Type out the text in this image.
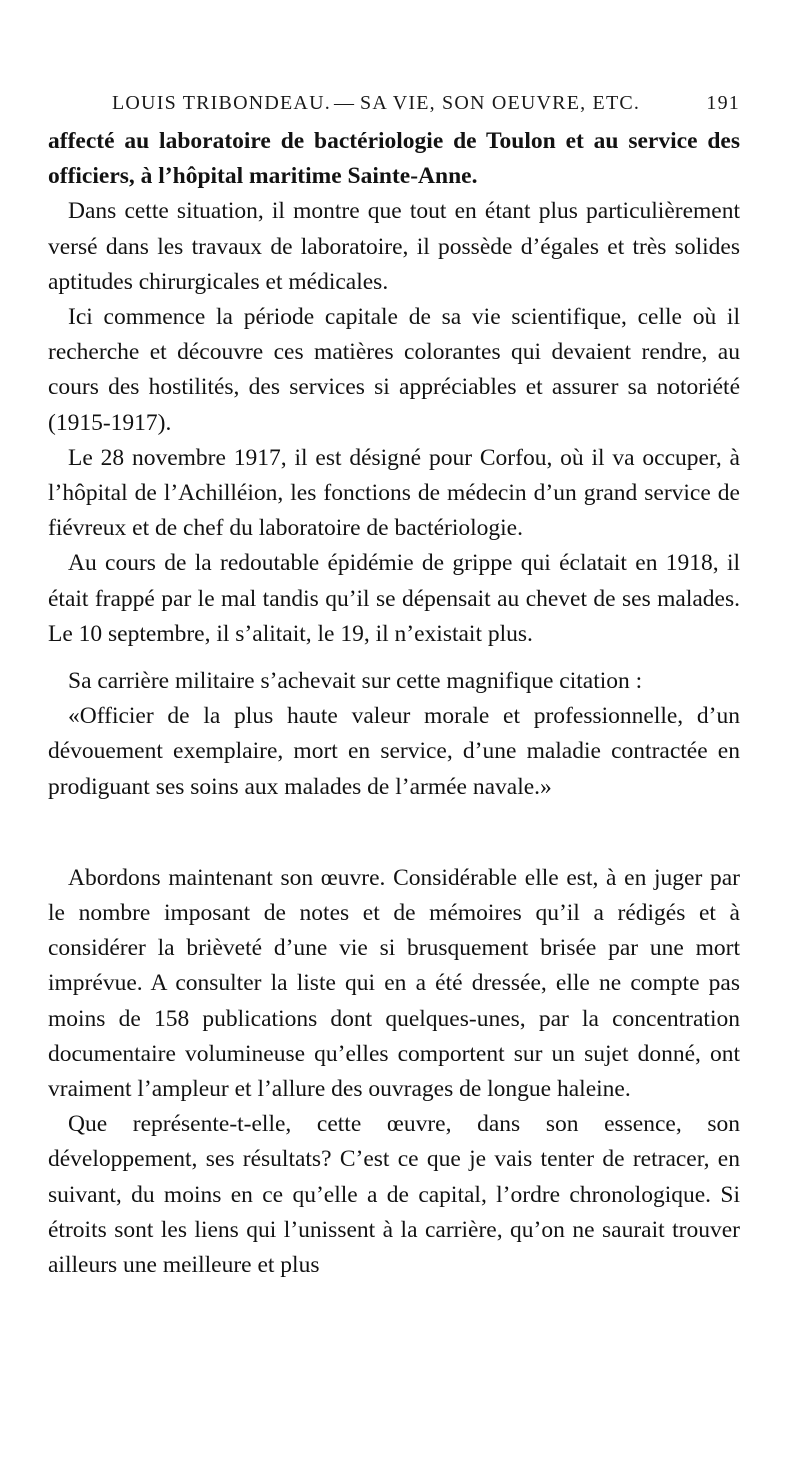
LOUIS TRIBONDEAU. — SA VIE, SON OEUVRE, ETC.	191

affecté au laboratoire de bactériologie de Toulon et au service des officiers, à l’hôpital maritime Sainte-Anne.

Dans cette situation, il montre que tout en étant plus particulièrement versé dans les travaux de laboratoire, il possède d’égales et très solides aptitudes chirurgicales et médicales.

Ici commence la période capitale de sa vie scientifique, celle où il recherche et découvre ces matières colorantes qui devaient rendre, au cours des hostilités, des services si appréciables et assurer sa notoriété (1915-1917).

Le 28 novembre 1917, il est désigné pour Corfou, où il va occuper, à l’hôpital de l’Achilléion, les fonctions de médecin d’un grand service de fiévreux et de chef du laboratoire de bactériologie.

Au cours de la redoutable épidémie de grippe qui éclatait en 1918, il était frappé par le mal tandis qu’il se dépensait au chevet de ses malades. Le 10 septembre, il s’alitait, le 19, il n’existait plus.

Sa carrière militaire s’achevait sur cette magnifique citation :

«Officier de la plus haute valeur morale et professionnelle, d’un dévouement exemplaire, mort en service, d’une maladie contractée en prodiguant ses soins aux malades de l’armée navale.»

Abordons maintenant son œuvre. Considérable elle est, à en juger par le nombre imposant de notes et de mémoires qu’il a rédigés et à considérer la brièveté d’une vie si brusquement brisée par une mort imprévue. A consulter la liste qui en a été dressée, elle ne compte pas moins de 158 publications dont quelques-unes, par la concentration documentaire volumineuse qu’elles comportent sur un sujet donné, ont vraiment l’ampleur et l’allure des ouvrages de longue haleine.

Que représente-t-elle, cette œuvre, dans son essence, son développement, ses résultats? C’est ce que je vais tenter de retracer, en suivant, du moins en ce qu’elle a de capital, l’ordre chronologique. Si étroits sont les liens qui l’unissent à la carrière, qu’on ne saurait trouver ailleurs une meilleure et plus
